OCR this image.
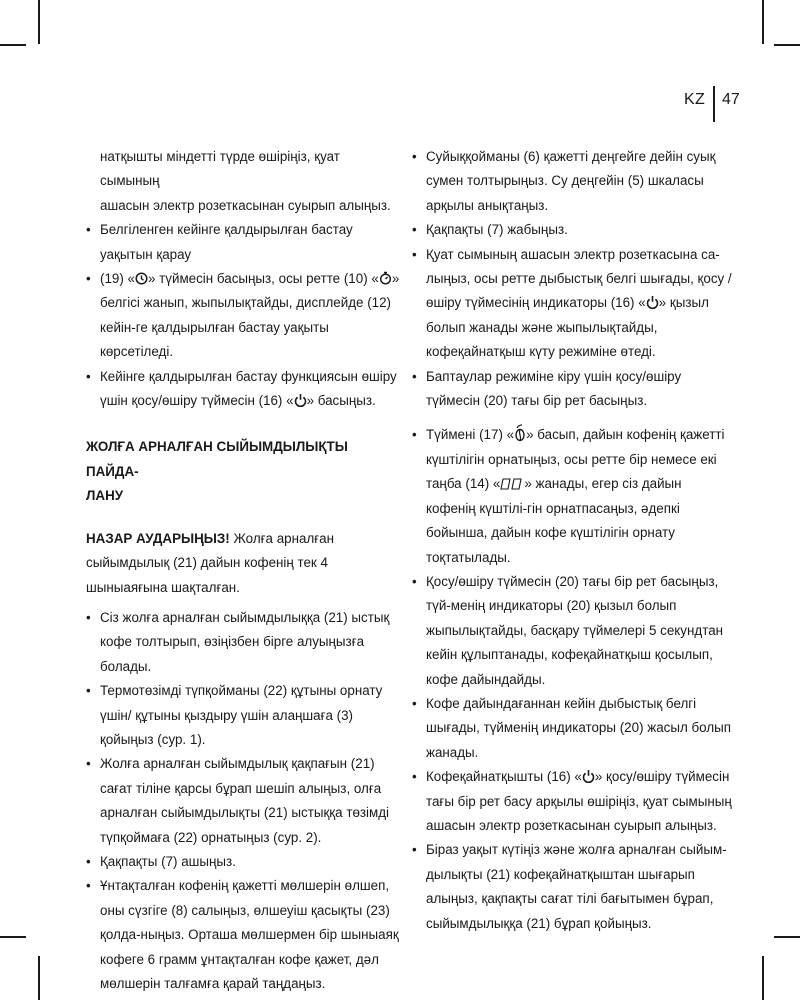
KZ 47

натқышты міндетті түрде өшіріңіз, қуат сымының
ашасын электр розеткасынан суырып алыңыз.

• Белгіленген кейінге қалдырылған бастау уақытын қарау

• (19) « » түймесін басыңыз, осы ретте (10) « » белгісі жанып, жыпылықтайды, дисплейде (12) кейін-ге қалдырылған бастау уақыты көрсетіледі.

• Кейінге қалдырылған бастау функциясын өшіру үшін қосу/өшіру түймесін (16) « » басыңыз.

ЖОЛҒА АРНАЛҒАН СЫЙЫМДЫЛЫҚТЫ ПАЙДА-
ЛАНУ

НАЗАР АУДАРЫҢЫЗ! Жолға арналған сыйымдылық (21) дайын кофенің тек 4 шыныаяғына шақталған.

• Сіз жолға арналған сыйымдылыққа (21) ыстық кофе толтырып, өзіңізбен бірге алуыңызға болады.

• Термотөзімді түпқойманы (22) құтыны орнату үшін/ құтыны қыздыру үшін алаңшаға (3) қойыңыз (сур. 1).

• Жолға арналған сыйымдылық қақпағын (21) сағат тіліне қарсы бұрап шешіп алыңыз, олға арналған сыйымдылықты (21) ыстыққа төзімді түпқоймаға (22) орнатыңыз (сур. 2).

• Қақпақты (7) ашыңыз.

• Ұнтақталған кофенің қажетті мөлшерін өлшеп, оны сүзгіге (8) салыңыз, өлшеуіш қасықты (23) қолда-ныңыз. Орташа мөлшермен бір шыныаяқ кофеге 6 грамм ұнтақталған кофе қажет, дәл мөлшерін талғамға қарай таңдаңыз.

• Суйыққойманы (6) қажетті деңгейге дейін суық сумен толтырыңыз. Су деңгейін (5) шкаласы арқылы анықтаңыз.

• Қақпақты (7) жабыңыз.

• Қуат сымының ашасын электр розеткасына са-лыңыз, осы ретте дыбыстық белгі шығады, қосу / өшіру түймесінің индикаторы (16) « » қызыл болып жанады және жыпылықтайды, кофеқайнатқыш күту режиміне өтеді.

• Баптаулар режиміне кіру үшін қосу/өшіру түймесін (20) тағы бір рет басыңыз.

• Түймені (17) « » басып, дайын кофенің қажетті күштілігін орнатыңыз, осы ретте бір немесе екі таңба (14) « » жанады, егер сіз дайын кофенің күштілі-гін орнатпасаңыз, әдепкі бойынша, дайын кофе күштілігін орнату тоқтатылады.

• Қосу/өшіру түймесін (20) тағы бір рет басыңыз, түй-менің индикаторы (20) қызыл болып жыпылықтайды, басқару түймелері 5 секундтан кейін құлыптанады, кофеқайнатқыш қосылып, кофе дайындайды.

• Кофе дайындағаннан кейін дыбыстық белгі шығады, түйменің индикаторы (20) жасыл болып жанады.

• Кофеқайнатқышты (16) « » қосу/өшіру түймесін тағы бір рет басу арқылы өшіріңіз, қуат сымының ашасын электр розеткасынан суырып алыңыз.

• Біраз уақыт күтіңіз және жолға арналған сыйым-дылықты (21) кофеқайнатқыштан шығарып алыңыз, қақпақты сағат тілі бағытымен бұрап, сыйымдылыққа (21) бұрап қойыңыз.
